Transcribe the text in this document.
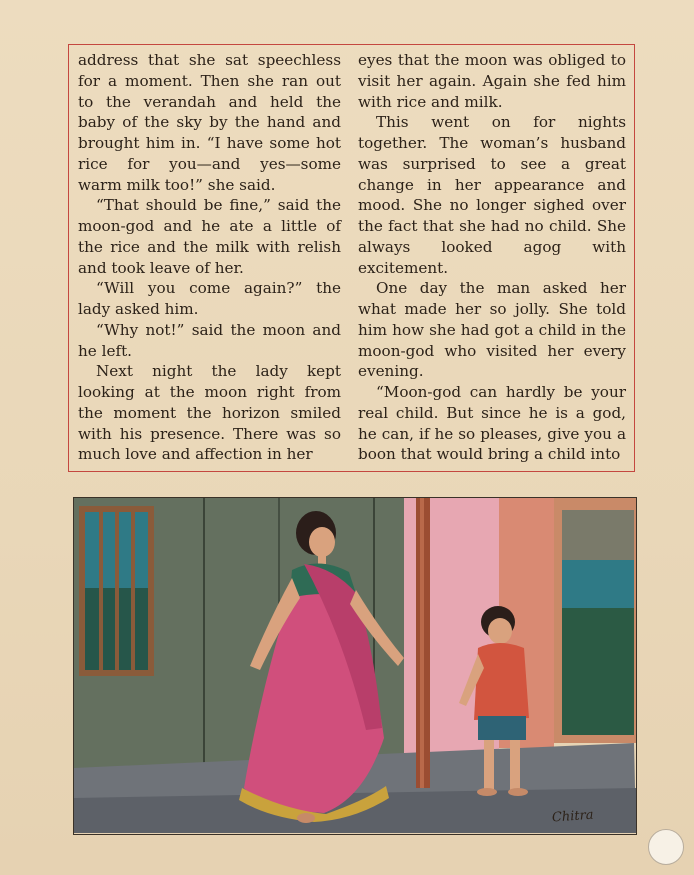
address that she sat speechless for a moment. Then she ran out to the verandah and held the baby of the sky by the hand and brought him in. “I have some hot rice for you—and yes—some warm milk too!” she said.

“That should be fine,” said the moon-god and he ate a little of the rice and the milk with relish and took leave of her.

“Will you come again?” the lady asked him.

“Why not!” said the moon and he left.

Next night the lady kept looking at the moon right from the moment the horizon smiled with his presence. There was so much love and affection in her

eyes that the moon was obliged to visit her again. Again she fed him with rice and milk.

This went on for nights together. The woman’s husband was surprised to see a great change in her appearance and mood. She no longer sighed over the fact that she had no child. She always looked agog with excitement.

One day the man asked her what made her so jolly. She told him how she had got a child in the moon-god who visited her every evening.

“Moon-god can hardly be your real child. But since he is a god, he can, if he so pleases, give you a boon that would bring a child into

Chitra
